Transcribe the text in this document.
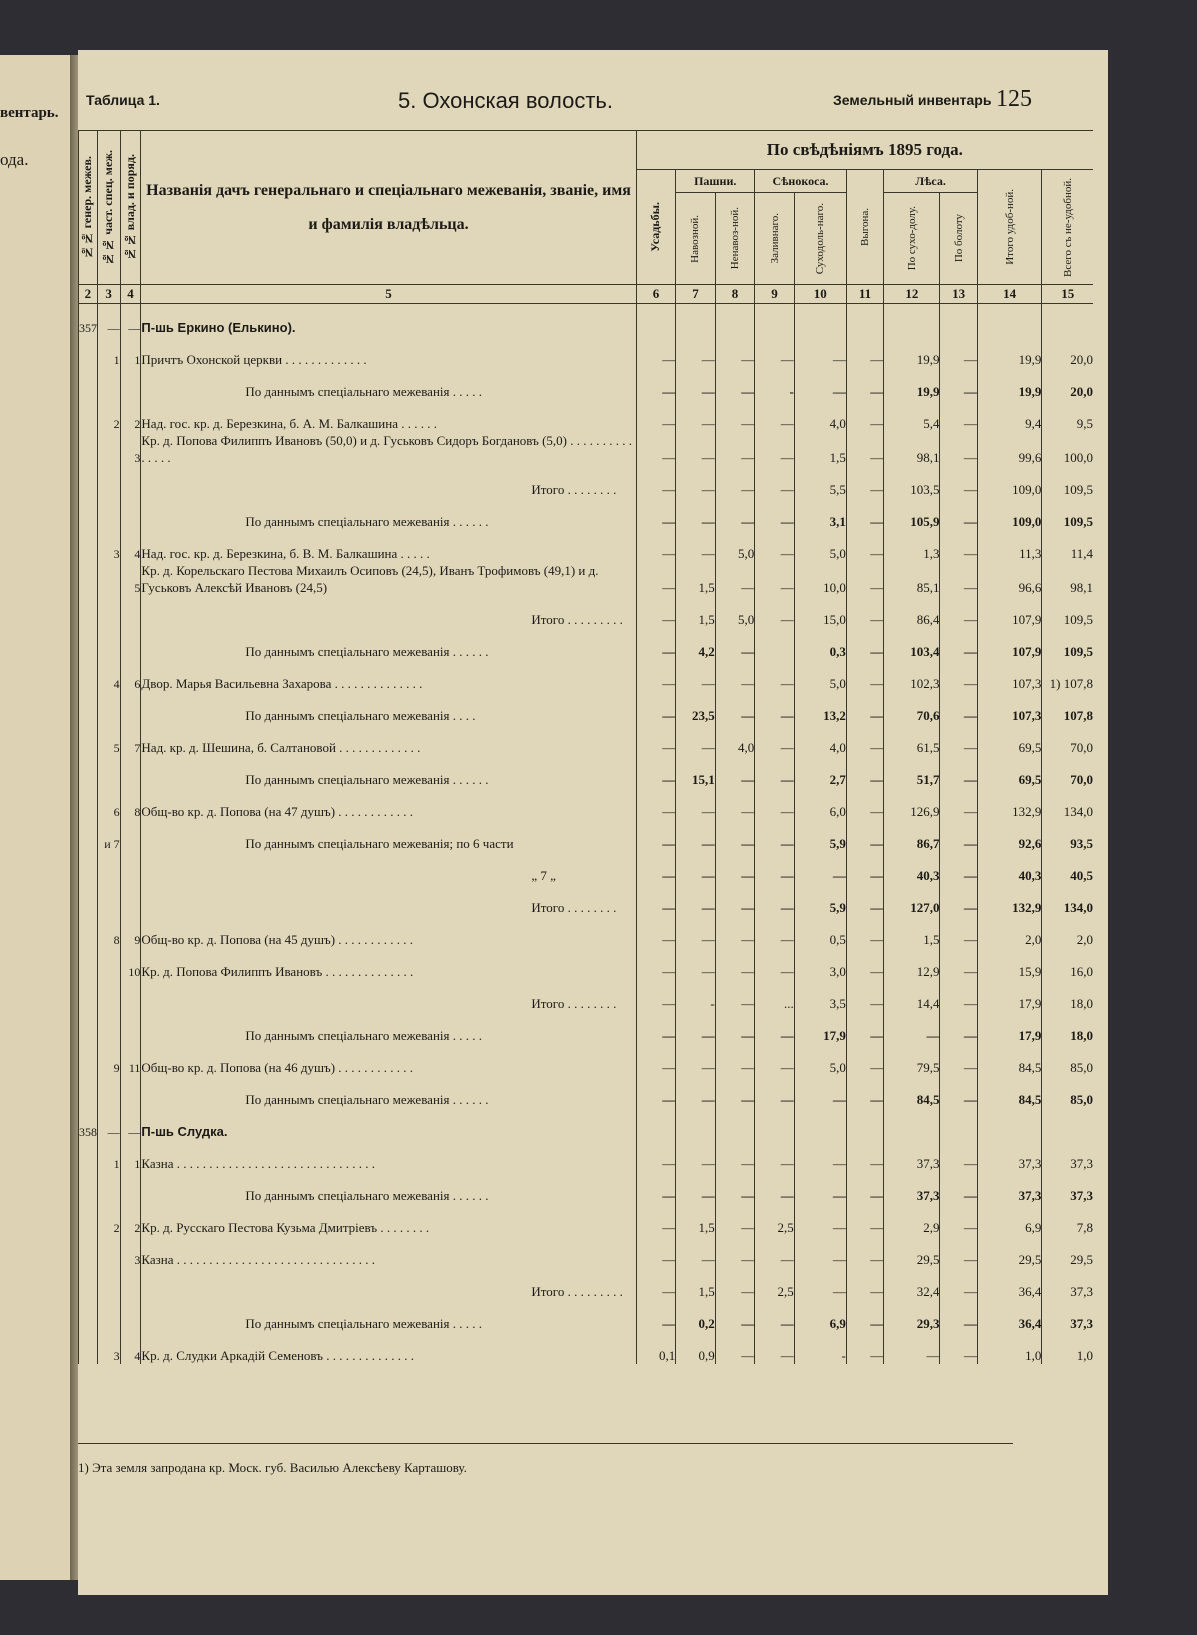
вентарь.
ода.
Таблица 1.	5. Охонская волость.	Земельный инвентарь 125
№№ генер. межев.	№№ част. спец. меж.	№№ влад. и поряд.	Названія дачъ генеральнаго и спеціальнаго межеванія, званіе, имя и фамилія владѣльца.	По свѣдѣніямъ 1895 года.									

				Усадьбы.	Пашни.		Сѣнокоса.		Выгона.	Лѣса.		Итого удоб-ной.	Всего съ не-удобной.

					Навозной.	Ненавоз-ной.	Заливнаго.	Суходоль-наго.		По сухо-долу.	По болоту		

2	3	4	5	6	7	8	9	10	11	12	13	14	15
357	—	—	П-шь Еркино (Елькино).										
	1	1	Причтъ Охонской церкви . . . . . . . . . . . . .	—	—	—	—	—	—	19,9	—	19,9	20,0
			По даннымъ спеціальнаго межеванія . . . . .	—	—	—	-	—	—	19,9	—	19,9	20,0
	2	2	Над. гос. кр. д. Березкина, б. А. М. Балкашина . . . . . .	—	—	—	—	4,0	—	5,4	—	9,4	9,5
		3	Кр. д. Попова Филиппъ Ивановъ (50,0) и д. Гуськовъ Сидоръ Богдановъ (5,0) . . . . . . . . . . . . . . .	—	—	—	—	1,5	—	98,1	—	99,6	100,0
			Итого . . . . . . . .	—	—	—	—	5,5	—	103,5	—	109,0	109,5
			По даннымъ спеціальнаго межеванія . . . . . .	—	—	—	—	3,1	—	105,9	—	109,0	109,5
	3	4	Над. гос. кр. д. Березкина, б. В. М. Балкашина . . . . .	—	—	5,0	—	5,0	—	1,3	—	11,3	11,4
		5	Кр. д. Корельскаго Пестова Михаилъ Осиповъ (24,5), Иванъ Трофимовъ (49,1) и д. Гуськовъ Алексѣй Ивановъ (24,5)	—	1,5	—	—	10,0	—	85,1	—	96,6	98,1
			Итого . . . . . . . . .	—	1,5	5,0	—	15,0	—	86,4	—	107,9	109,5
			По даннымъ спеціальнаго межеванія . . . . . .	—	4,2	—		0,3	—	103,4	—	107,9	109,5
	4	6	Двор. Марья Васильевна Захарова . . . . . . . . . . . . . .	—	—	—	—	5,0	—	102,3	—	107,3	1) 107,8
			По даннымъ спеціальнаго межеванія . . . .	—	23,5	—	—	13,2	—	70,6	—	107,3	107,8
	5	7	Над. кр. д. Шешина, б. Салтановой . . . . . . . . . . . . .	—	—	4,0	—	4,0	—	61,5	—	69,5	70,0
			По даннымъ спеціальнаго межеванія . . . . . .	—	15,1	—	—	2,7	—	51,7	—	69,5	70,0
	6	8	Общ-во кр. д. Попова (на 47 душъ) . . . . . . . . . . . .	—	—	—	—	6,0	—	126,9	—	132,9	134,0
	и 7		По даннымъ спеціальнаго межеванія; по 6 части	—	—	—	—	5,9	—	86,7	—	92,6	93,5
			„ 7 „	—	—	—	—	—	—	40,3	—	40,3	40,5
			Итого . . . . . . . .	—	—	—	—	5,9	—	127,0	—	132,9	134,0
	8	9	Общ-во кр. д. Попова (на 45 душъ) . . . . . . . . . . . .	—	—	—	—	0,5	—	1,5	—	2,0	2,0
		10	Кр. д. Попова Филиппъ Ивановъ . . . . . . . . . . . . . .	—	—	—	—	3,0	—	12,9	—	15,9	16,0
			Итого . . . . . . . .	—	-	—	...	3,5	—	14,4	—	17,9	18,0
			По даннымъ спеціальнаго межеванія . . . . .	—	—	—	—	17,9	—	—	—	17,9	18,0
	9	11	Общ-во кр. д. Попова (на 46 душъ) . . . . . . . . . . . .	—	—	—	—	5,0	—	79,5	—	84,5	85,0
			По даннымъ спеціальнаго межеванія . . . . . .	—	—	—	—	—	—	84,5	—	84,5	85,0
358	—	—	П-шь Слудка.										
	1	1	Казна . . . . . . . . . . . . . . . . . . . . . . . . . . . . . . .	—	—	—	—	—	—	37,3	—	37,3	37,3
			По даннымъ спеціальнаго межеванія . . . . . .	—	—	—	—	—	—	37,3	—	37,3	37,3
	2	2	Кр. д. Русскаго Пестова Кузьма Дмитріевъ . . . . . . . .	—	1,5	—	2,5	—	—	2,9	—	6,9	7,8
		3	Казна . . . . . . . . . . . . . . . . . . . . . . . . . . . . . . .	—	—	—	—	—	—	29,5	—	29,5	29,5
			Итого . . . . . . . . .	—	1,5	—	2,5	—	—	32,4	—	36,4	37,3
			По даннымъ спеціальнаго межеванія . . . . .	—	0,2	—	—	6,9	—	29,3	—	36,4	37,3
	3	4	Кр. д. Слудки Аркадій Семеновъ . . . . . . . . . . . . . .	0,1	0,9	—	—	-	—	—	—	1,0	1,0
1) Эта земля запродана кр. Моск. губ. Василью Алексѣеву Карташову.
